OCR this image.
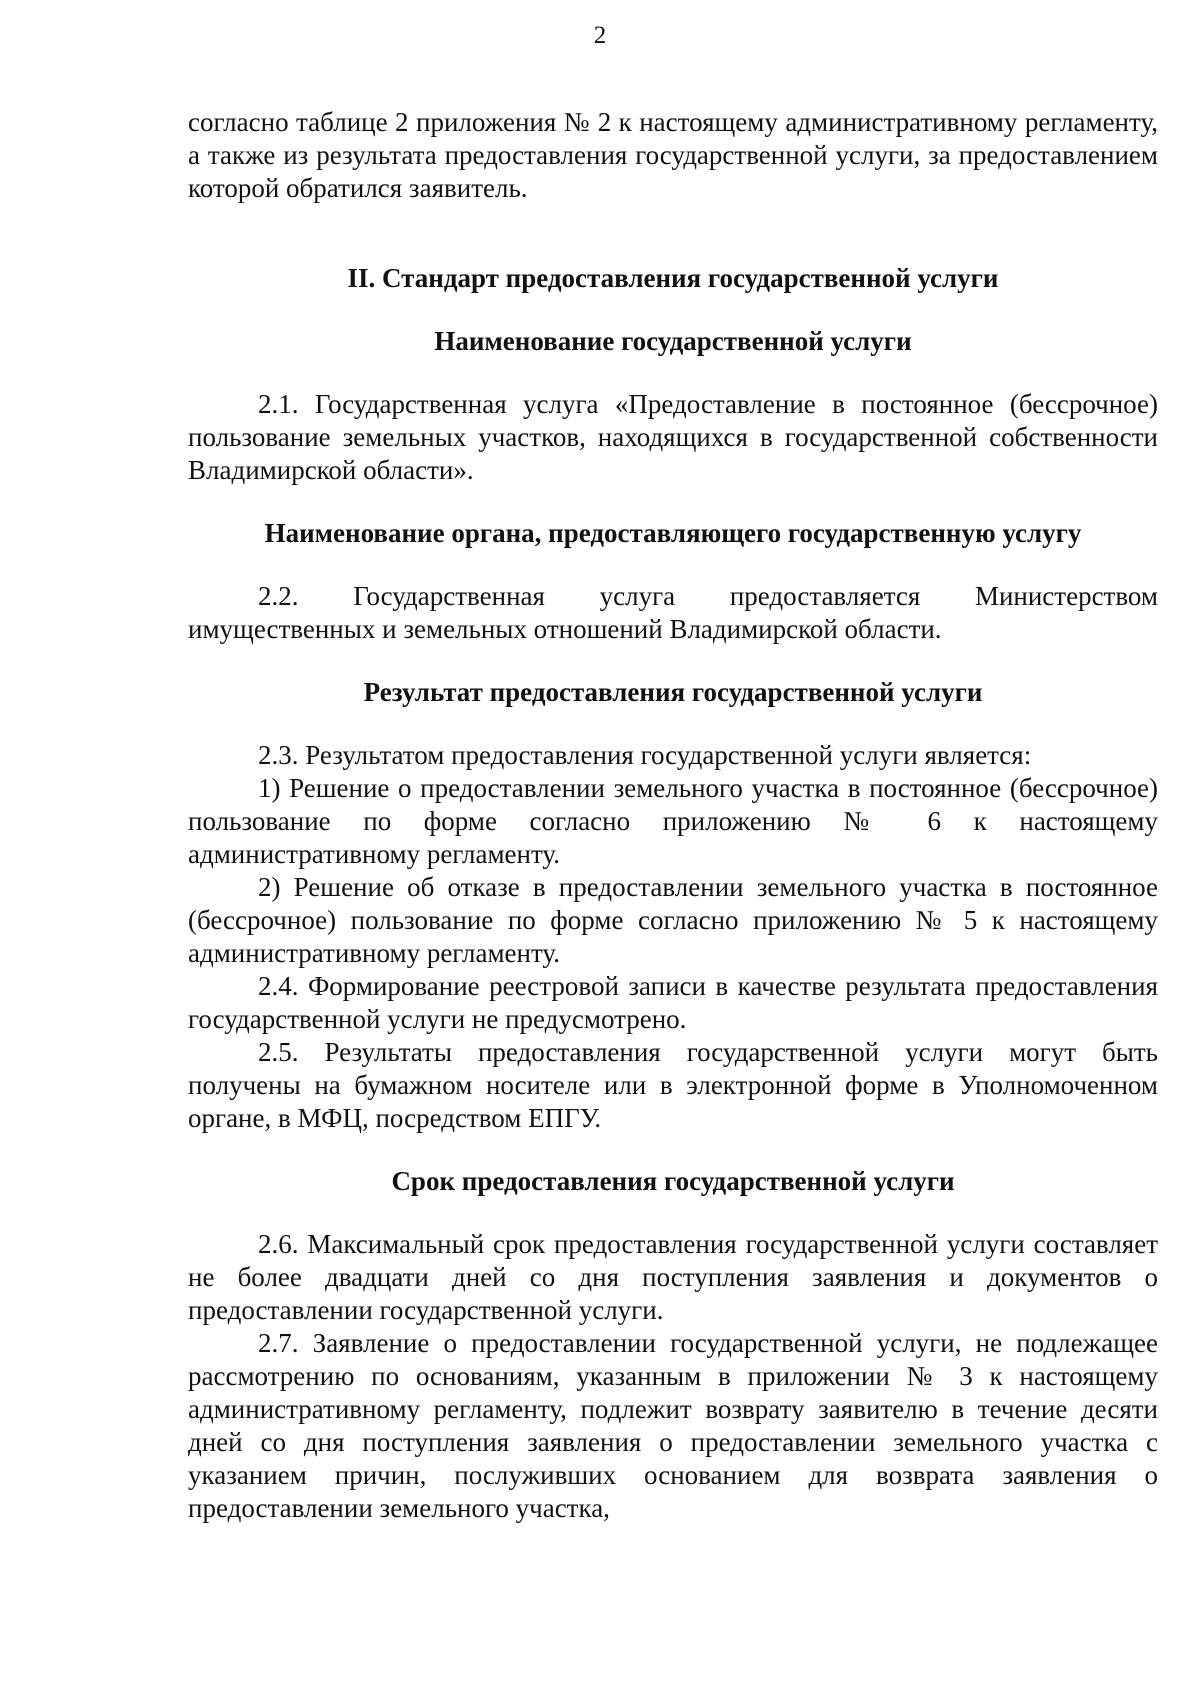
2

согласно таблице 2 приложения № 2 к настоящему административному регламенту, а также из результата предоставления государственной услуги, за предоставлением которой обратился заявитель.

II. Стандарт предоставления государственной услуги
Наименование государственной услуги

2.1. Государственная услуга «Предоставление в постоянное (бессрочное) пользование земельных участков, находящихся в государственной собственности Владимирской области».

Наименование органа, предоставляющего государственную услугу

2.2. Государственная услуга предоставляется Министерством имущественных и земельных отношений Владимирской области.

Результат предоставления государственной услуги

2.3. Результатом предоставления государственной услуги является:

1) Решение о предоставлении земельного участка в постоянное (бессрочное) пользование по форме согласно приложению № 6 к настоящему административному регламенту.

2) Решение об отказе в предоставлении земельного участка в постоянное (бессрочное) пользование по форме согласно приложению № 5 к настоящему административному регламенту.

2.4. Формирование реестровой записи в качестве результата предоставления государственной услуги не предусмотрено.

2.5. Результаты предоставления государственной услуги могут быть получены на бумажном носителе или в электронной форме в Уполномоченном органе, в МФЦ, посредством ЕПГУ.

Срок предоставления государственной услуги

2.6. Максимальный срок предоставления государственной услуги составляет не более двадцати дней со дня поступления заявления и документов о предоставлении государственной услуги.

2.7. Заявление о предоставлении государственной услуги, не подлежащее рассмотрению по основаниям, указанным в приложении № 3 к настоящему административному регламенту, подлежит возврату заявителю в течение десяти дней со дня поступления заявления о предоставлении земельного участка с указанием причин, послуживших основанием для возврата заявления о предоставлении земельного участка,
